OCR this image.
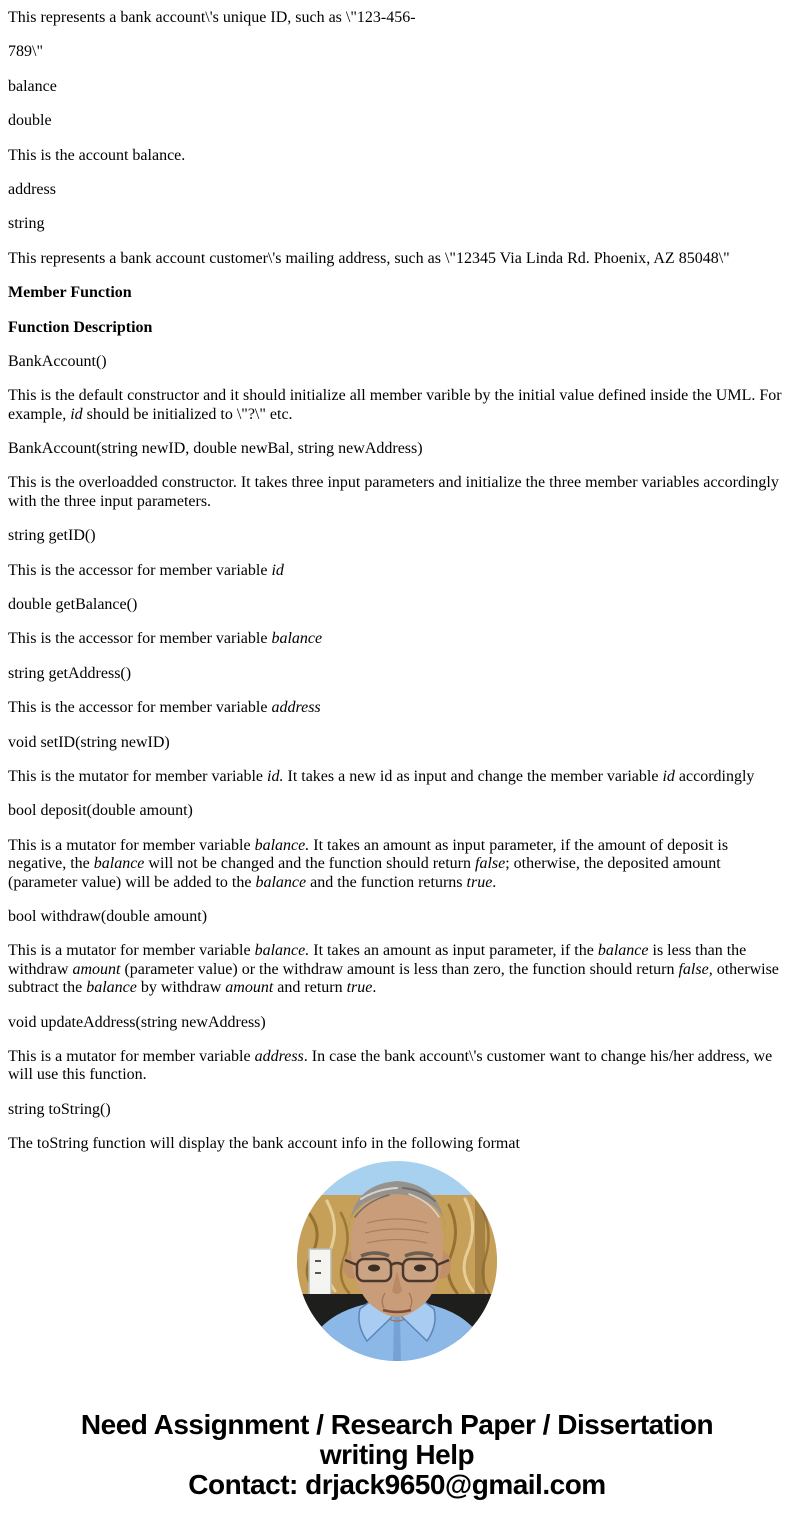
This represents a bank account\'s unique ID, such as \"123-456-

789\"

balance

double

This is the account balance.

address

string

This represents a bank account customer\'s mailing address, such as \"12345 Via Linda Rd. Phoenix, AZ 85048\"

Member Function

Function Description

BankAccount()

This is the default constructor and it should initialize all member varible by the initial value defined inside the UML. For example, id should be initialized to \"?\" etc.

BankAccount(string newID, double newBal, string newAddress)

This is the overloadded constructor. It takes three input parameters and initialize the three member variables accordingly with the three input parameters.

string getID()

This is the accessor for member variable id

double getBalance()

This is the accessor for member variable balance

string getAddress()

This is the accessor for member variable address

void setID(string newID)

This is the mutator for member variable id. It takes a new id as input and change the member variable id accordingly

bool deposit(double amount)

This is a mutator for member variable balance. It takes an amount as input parameter, if the amount of deposit is negative, the balance will not be changed and the function should return false; otherwise, the deposited amount (parameter value) will be added to the balance and the function returns true.

bool withdraw(double amount)

This is a mutator for member variable balance. It takes an amount as input parameter, if the balance is less than the withdraw amount (parameter value) or the withdraw amount is less than zero, the function should return false, otherwise subtract the balance by withdraw amount and return true.

void updateAddress(string newAddress)

This is a mutator for member variable address. In case the bank account\'s customer want to change his/her address, we will use this function.

string toString()

The toString function will display the bank account info in the following format

Need Assignment / Research Paper / Dissertation
writing Help
Contact: drjack9650@gmail.com
